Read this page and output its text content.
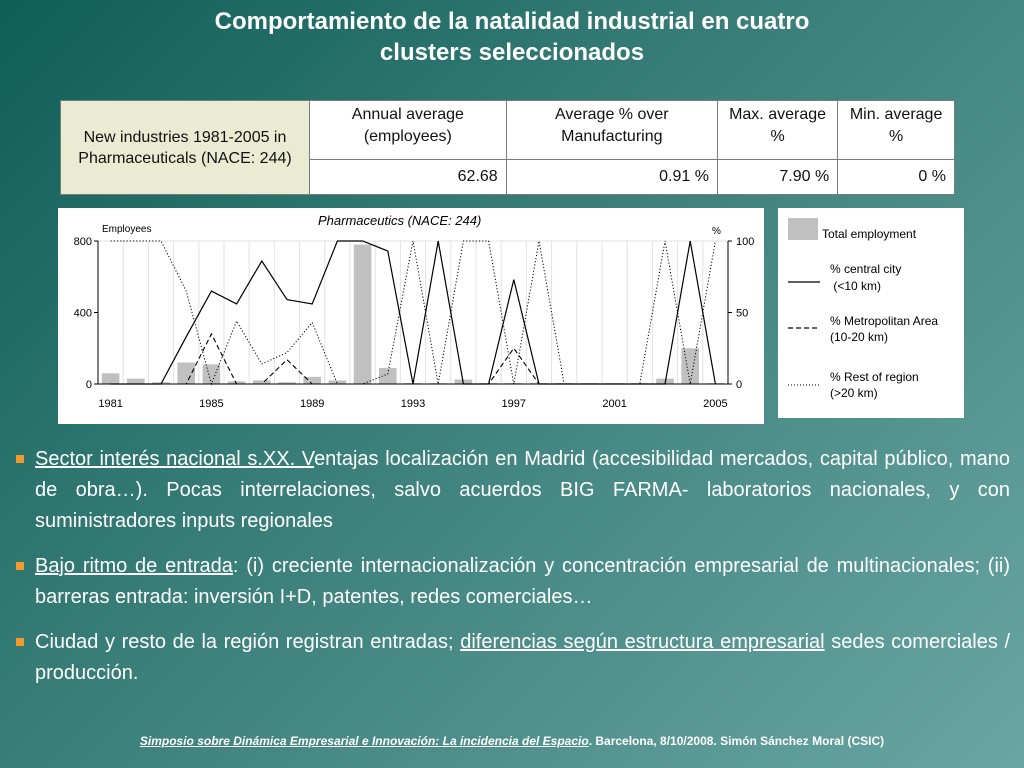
Comportamiento de la natalidad industrial en cuatro
clusters seleccionados
New industries 1981-2005 in Pharmaceuticals (NACE: 244)	Annual average (employees)	Average % over Manufacturing	Max. average %	Min. average %
	62.68	0.91 %	7.90 %	0 %
0
400
800
0
50
100
1981	1985	1989	1993	1997	2001	2005
Pharmaceutics (NACE: 244)
Employees	%	Total employment
% central city
(<10 km)
% Metropolitan Area
(10-20 km)
% Rest of region
(>20 km)
Sector interés nacional s.XX. Ventajas localización en Madrid (accesibilidad mercados, capital público, mano de obra…). Pocas interrelaciones, salvo acuerdos BIG FARMA- laboratorios nacionales, y con suministradores inputs regionales
Bajo ritmo de entrada: (i) creciente internacionalización y concentración empresarial de multinacionales; (ii) barreras entrada: inversión I+D, patentes, redes comerciales…
Ciudad y resto de la región registran entradas; diferencias según estructura empresarial sedes comerciales / producción.
Simposio sobre Dinámica Empresarial e Innovación: La incidencia del Espacio. Barcelona, 8/10/2008. Simón Sánchez Moral (CSIC)
